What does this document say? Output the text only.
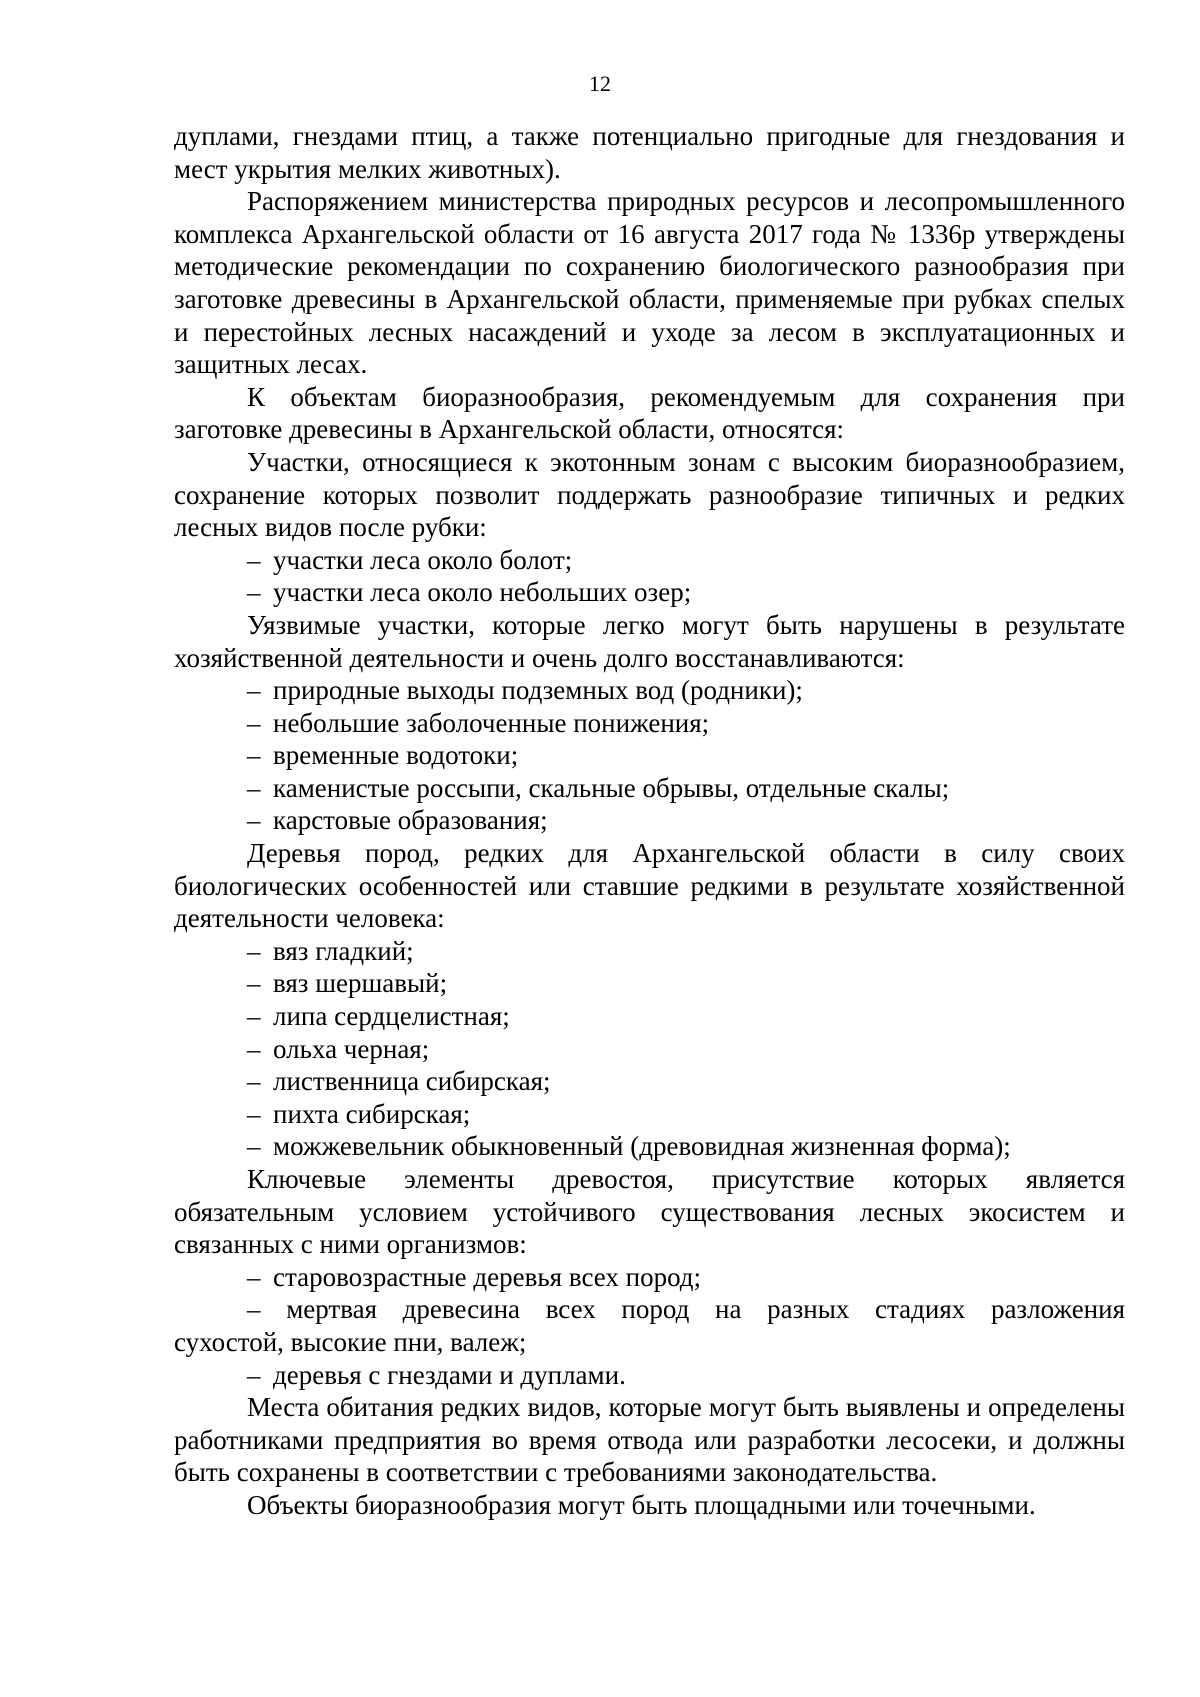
12

дуплами, гнездами птиц, а также потенциально пригодные для гнездования и мест укрытия мелких животных).

Распоряжением министерства природных ресурсов и лесопромышленного комплекса Архангельской области от 16 августа 2017 года № 1336р утверждены методические рекомендации по сохранению биологического разнообразия при заготовке древесины в Архангельской области, применяемые при рубках спелых и перестойных лесных насаждений и уходе за лесом в эксплуатационных и защитных лесах.

К объектам биоразнообразия, рекомендуемым для сохранения при заготовке древесины в Архангельской области, относятся:

Участки, относящиеся к экотонным зонам с высоким биоразнообразием, сохранение которых позволит поддержать разнообразие типичных и редких лесных видов после рубки:

– участки леса около болот;
– участки леса около небольших озер;

Уязвимые участки, которые легко могут быть нарушены в результате хозяйственной деятельности и очень долго восстанавливаются:

– природные выходы подземных вод (родники);
– небольшие заболоченные понижения;
– временные водотоки;
– каменистые россыпи, скальные обрывы, отдельные скалы;
– карстовые образования;

Деревья пород, редких для Архангельской области в силу своих биологических особенностей или ставшие редкими в результате хозяйственной деятельности человека:

– вяз гладкий;
– вяз шершавый;
– липа сердцелистная;
– ольха черная;
– лиственница сибирская;
– пихта сибирская;
– можжевельник обыкновенный (древовидная жизненная форма);

Ключевые элементы древостоя, присутствие которых является обязательным условием устойчивого существования лесных экосистем и связанных с ними организмов:

– старовозрастные деревья всех пород;
– мертвая древесина всех пород на разных стадиях разложения
сухостой, высокие пни, валеж;
– деревья с гнездами и дуплами.

Места обитания редких видов, которые могут быть выявлены и определены работниками предприятия во время отвода или разработки лесосеки, и должны быть сохранены в соответствии с требованиями законодательства.

Объекты биоразнообразия могут быть площадными или точечными.
